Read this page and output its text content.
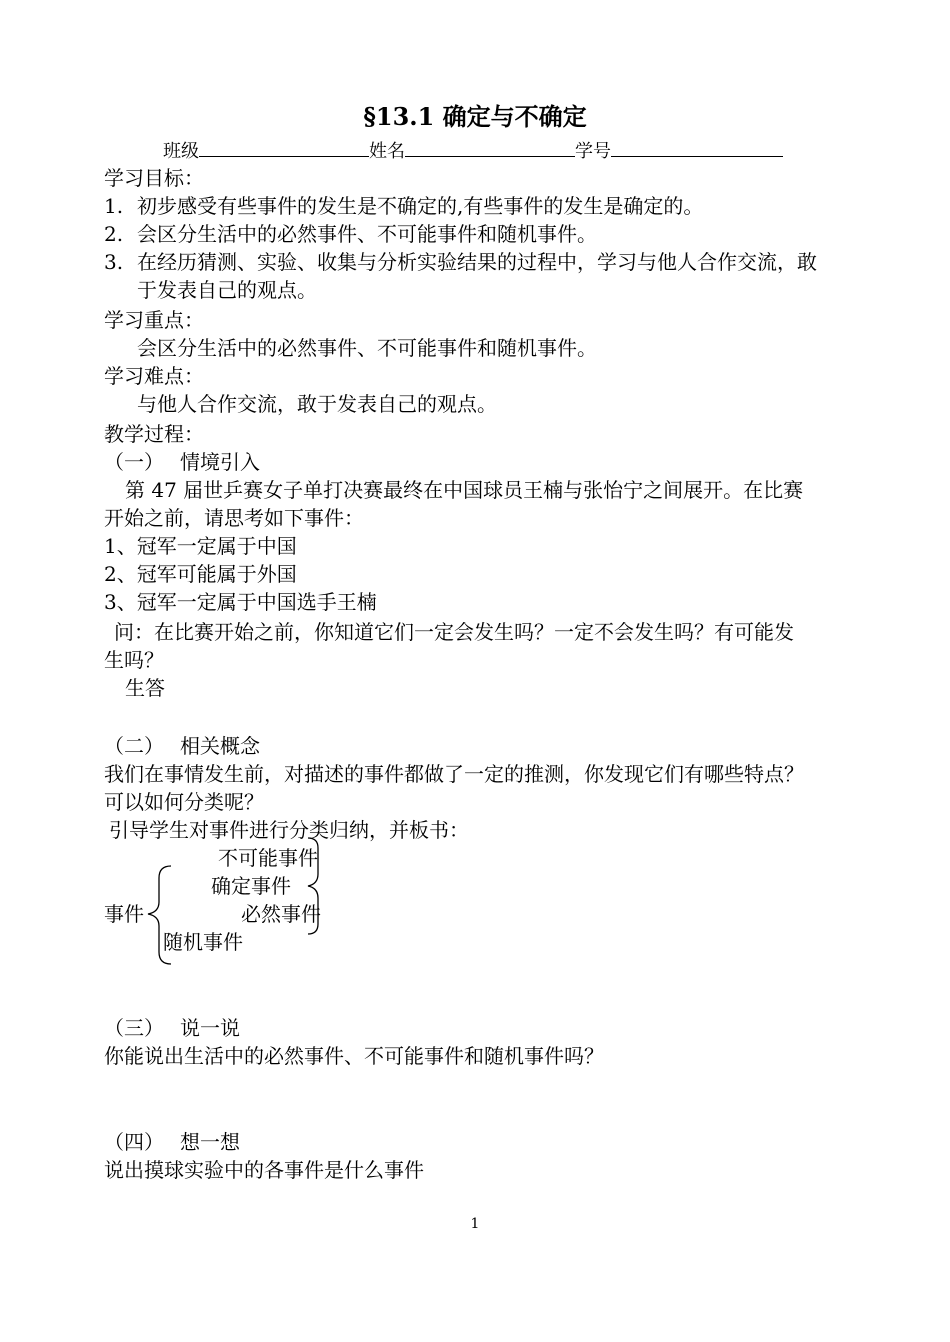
§13.1 确定与不确定
班级	姓名	学号
学习目标：
1. 初步感受有些事件的发生是不确定的,有些事件的发生是确定的。
2. 会区分生活中的必然事件、不可能事件和随机事件。
3. 在经历猜测、实验、收集与分析实验结果的过程中，学习与他人合作交流，敢
于发表自己的观点。
学习重点：
会区分生活中的必然事件、不可能事件和随机事件。
学习难点：
与他人合作交流，敢于发表自己的观点。
教学过程：
（一） 情境引入
第 47 届世乒赛女子单打决赛最终在中国球员王楠与张怡宁之间展开。在比赛
开始之前，请思考如下事件：
1、冠军一定属于中国
2、冠军可能属于外国
3、冠军一定属于中国选手王楠
问：在比赛开始之前，你知道它们一定会发生吗？一定不会发生吗？有可能发
生吗？
生答
（二） 相关概念
我们在事情发生前，对描述的事件都做了一定的推测，你发现它们有哪些特点？
可以如何分类呢？
引导学生对事件进行分类归纳，并板书：
不可能事件
确定事件
事件	必然事件
随机事件
（三） 说一说
你能说出生活中的必然事件、不可能事件和随机事件吗？
（四） 想一想
说出摸球实验中的各事件是什么事件
1
